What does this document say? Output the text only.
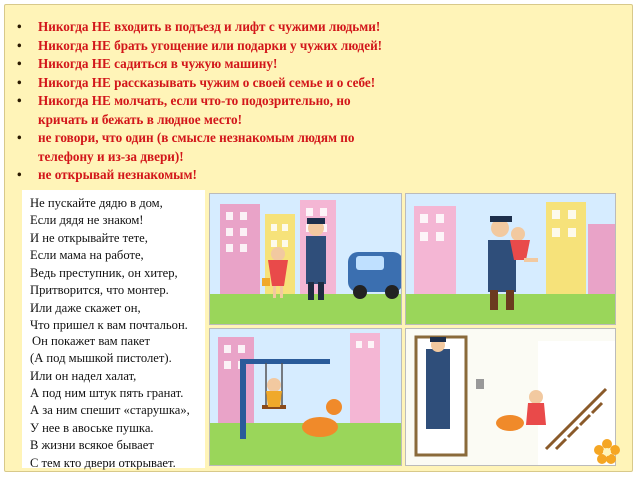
• Никогда НЕ входить в подъезд и лифт с чужими людьми!
• Никогда НЕ брать угощение или подарки у чужих людей!
• Никогда НЕ садиться в чужую машину!
• Никогда НЕ рассказывать чужим о своей семье и о себе!
• Никогда НЕ молчать, если что-то подозрительно, но
кричать и бежать в людное место!
• не говори, что один (в смысле незнакомым людям по
телефону и из-за двери)!
• не открывай незнакомым!
Не пускайте дядю в дом,
Если дядя не знаком!
И не открывайте тете,
Если мама на работе,
Ведь преступник, он хитер,
Притворится, что монтер.
Или даже скажет он,
Что пришел к вам почтальон.
Он покажет вам пакет
(А под мышкой пистолет).
Или он надел халат,
А под ним штук пять гранат.
А за ним спешит «старушка»,
У нее в авоське пушка.
В жизни всякое бывает
С тем кто двери открывает.
